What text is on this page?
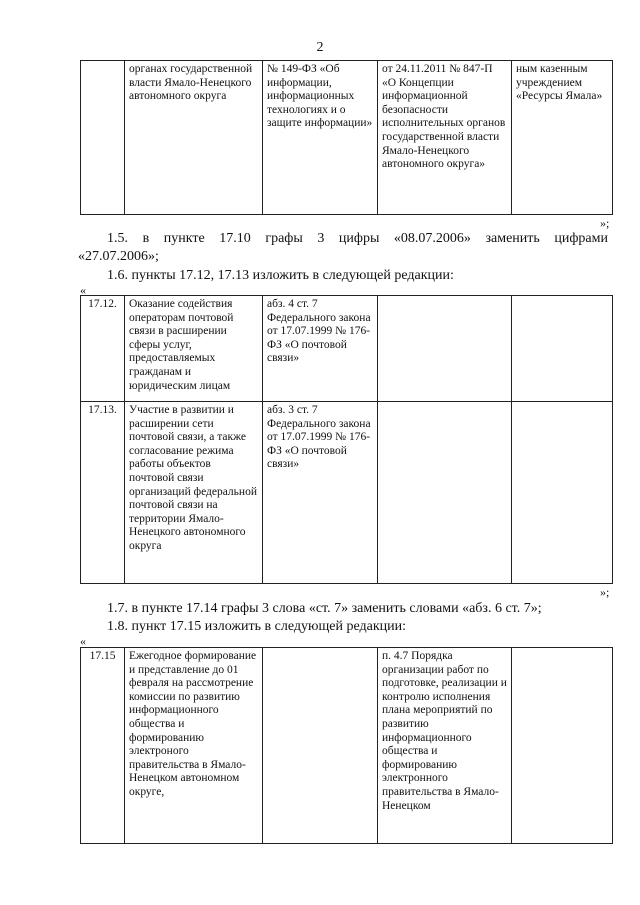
2
	органах государственной власти Ямало-Ненецкого автономного округа	№ 149-ФЗ «Об информации, информационных технологиях и о защите информации»	от 24.11.2011 № 847-П «О Концепции информационной безопасности исполнительных органов государственной власти Ямало-Ненецкого автономного округа»	ным казенным учреждением «Ресурсы Ямала»
»;
1.5. в пункте 17.10 графы 3 цифры «08.07.2006» заменить цифрами
«27.07.2006»;
1.6. пункты 17.12, 17.13 изложить в следующей редакции:
«
17.12.	Оказание содействия операторам почтовой связи в расширении сферы услуг, предоставляемых гражданам и юридическим лицам	абз. 4 ст. 7 Федерального закона от 17.07.1999 № 176-ФЗ «О почтовой связи»		
17.13.	Участие в развитии и расширении сети почтовой связи, а также согласование режима работы объектов почтовой связи организаций федеральной почтовой связи на территории Ямало-Ненецкого автономного округа	абз. 3 ст. 7 Федерального закона от 17.07.1999 № 176-ФЗ «О почтовой связи»		
»;
1.7. в пункте 17.14 графы 3 слова «ст. 7» заменить словами «абз. 6 ст. 7»;
1.8. пункт 17.15 изложить в следующей редакции:
«
17.15	Ежегодное формирование и представление до 01 февраля на рассмотрение комиссии по развитию информационного общества и формированию электроного правительства в Ямало-Ненецком автономном округе,		п. 4.7 Порядка организации работ по подготовке, реализации и контролю исполнения плана мероприятий по развитию информационного общества и формированию электронного правительства в Ямало-Ненецком	
